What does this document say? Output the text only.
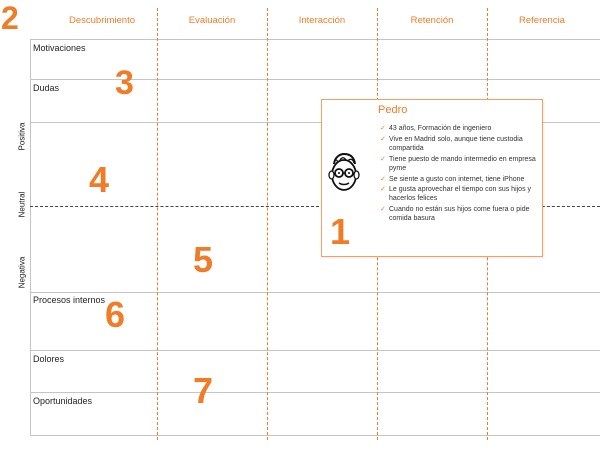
Descubrimiento	Evaluación	Interacción	Retención	Referencia
Motivaciones
Dudas
Procesos internos
Dolores
Oportunidades
Positiva
Neutral
Negativa
2
3
4
5
6
7
Pedro
✓ 43 años, Formación de ingeniero
✓ Vive en Madrid solo, aunque tiene custodia compartida
✓ Tiene puesto de mando intermedio en empresa pyme
✓ Se siente a gusto con internet, tiene iPhone
✓ Le gusta aprovechar el tiempo con sus hijos y hacerlos felices
✓ Cuando no están sus hijos come fuera o pide comida basura
1
